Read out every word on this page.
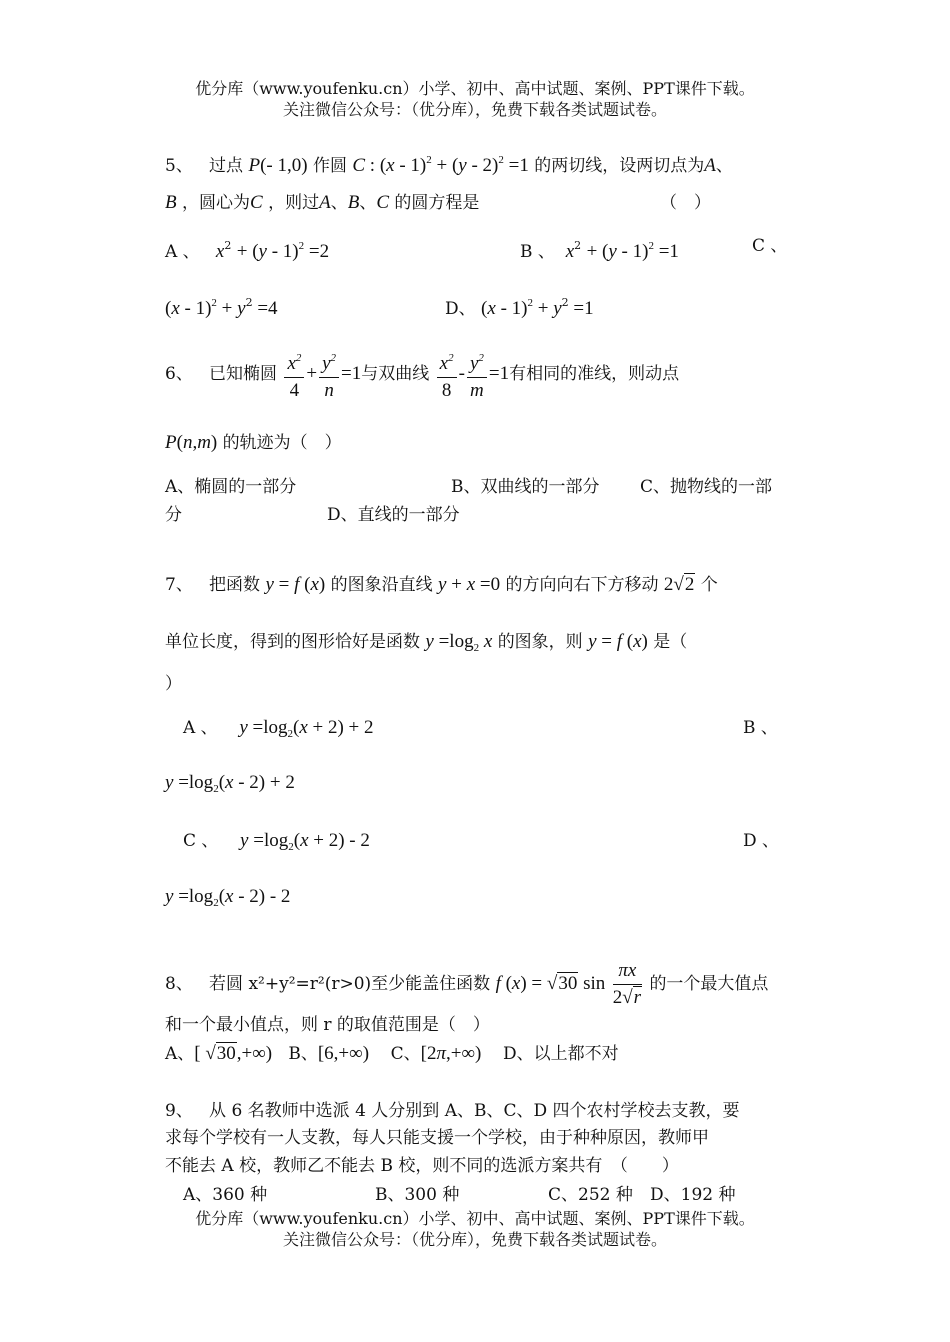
优分库（www.youfenku.cn）小学、初中、高中试题、案例、PPT课件下载。
关注微信公众号：（优分库），免费下载各类试题试卷。
5、 过点 P(- 1,0) 作圆 C : (x - 1)$^2$ + (y - 2)$^2$ =1 的两切线，设两切点为A、
B ，圆心为C ，则过A、B、C 的圆方程是	（　）
A 、 $x^2 + (y - 1)^2 =2$	B 、 $x^2 + (y - 1)^2 =1$	C 、
$(x - 1)^2 + y^2 =4$	D、 $(x - 1)^2 + y^2 =1$
6、 已知椭圆 $\frac{x^2}{4} + \frac{y^2}{n} =1$与双曲线 $\frac{x^2}{8} - \frac{y^2}{m} =1$有相同的准线，则动点
P(n,m) 的轨迹为（　）
A、椭圆的一部分	B、双曲线的一部分 C、抛物线的一部
分	D、直线的一部分
7、 把函数 y = f (x) 的图象沿直线 y + x =0 的方向向右下方移动 2√2 个
单位长度，得到的图形恰好是函数 $y =\log_2$ x 的图象，则 y = f (x) 是（
）
A 、 $y =\log_2(x + 2) + 2$	B 、
$y =\log_2(x - 2) + 2$
C 、 $y =\log_2(x + 2) - 2$	D 、
$y =\log_2(x - 2) - 2$
8、 若圆 x²+y²=r²(r>0)至少能盖住函数 f (x) = √30 $\sin \frac{\pi x}{2√r}$ 的一个最大值点
和一个最小值点，则 r 的取值范围是（　）
A、[ √30,+∞) B、[6,+∞) C、[2π,+∞) D、以上都不对
9、 从 6 名教师中选派 4 人分别到 A、B、C、D 四个农村学校去支教，要
求每个学校有一人支教，每人只能支援一个学校，由于种种原因，教师甲
不能去 A 校，教师乙不能去 B 校，则不同的选派方案共有　（　　）
A、360 种	B、300 种	C、252 种 D、192 种
优分库（www.youfenku.cn）小学、初中、高中试题、案例、PPT课件下载。
关注微信公众号：（优分库），免费下载各类试题试卷。
